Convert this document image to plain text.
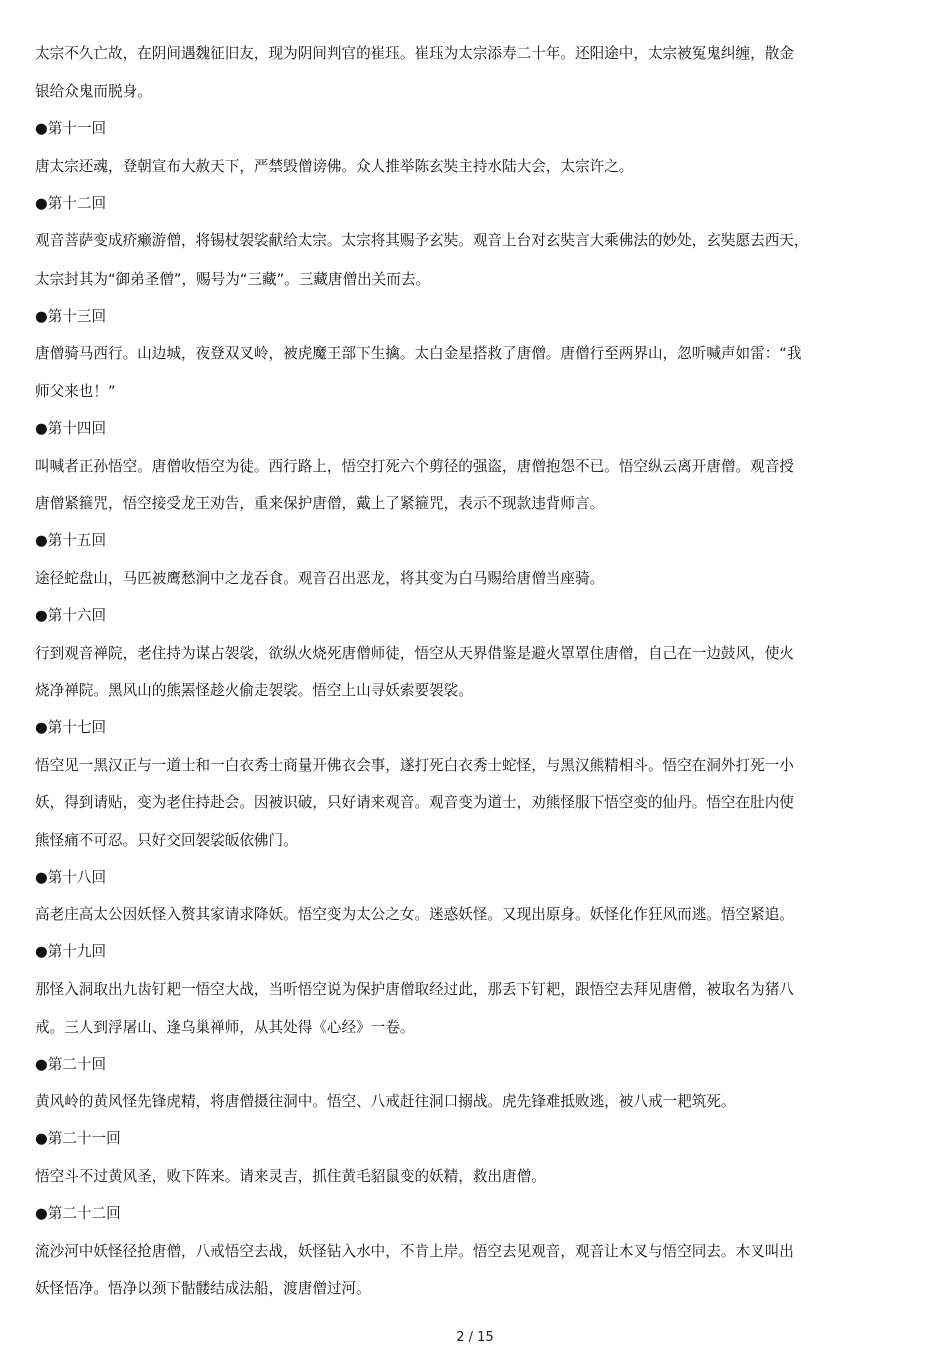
太宗不久亡故，在阴间遇魏征旧友，现为阴间判官的崔珏。崔珏为太宗添寿二十年。还阳途中，太宗被冤鬼纠缠，散金
银给众鬼而脱身。
●第十一回
唐太宗还魂，登朝宣布大赦天下，严禁毁僧谤佛。众人推举陈玄奘主持水陆大会，太宗许之。
●第十二回
观音菩萨变成疥癞游僧，将锡杖袈裟献给太宗。太宗将其赐予玄奘。观音上台对玄奘言大乘佛法的妙处，玄奘愿去西天，
太宗封其为“御弟圣僧”，赐号为“三藏”。三藏唐僧出关而去。
●第十三回
唐僧骑马西行。山边城，夜登双叉岭，被虎魔王部下生擒。太白金星搭救了唐僧。唐僧行至两界山，忽听喊声如雷：“我
师父来也！”
●第十四回
叫喊者正孙悟空。唐僧收悟空为徒。西行路上，悟空打死六个剪径的强盗，唐僧抱怨不已。悟空纵云离开唐僧。观音授
唐僧紧箍咒，悟空接受龙王劝告，重来保护唐僧，戴上了紧箍咒，表示不现款违背师言。
●第十五回
途径蛇盘山，马匹被鹰愁涧中之龙吞食。观音召出恶龙，将其变为白马赐给唐僧当座骑。
●第十六回
行到观音禅院，老住持为谋占袈裟，欲纵火烧死唐僧师徒，悟空从天界借鉴是避火罩罩住唐僧，自己在一边鼓风，使火
烧净禅院。黑风山的熊罴怪趁火偷走袈裟。悟空上山寻妖索要袈裟。
●第十七回
悟空见一黑汉正与一道士和一白衣秀士商量开佛衣会事，遂打死白衣秀士蛇怪，与黑汉熊精相斗。悟空在洞外打死一小
妖，得到请贴，变为老住持赴会。因被识破，只好请来观音。观音变为道士，劝熊怪服下悟空变的仙丹。悟空在肚内使
熊怪痛不可忍。只好交回袈裟皈依佛门。
●第十八回
高老庄高太公因妖怪入赘其家请求降妖。悟空变为太公之女。迷惑妖怪。又现出原身。妖怪化作狂风而逃。悟空紧追。
●第十九回
那怪入洞取出九齿钉耙一悟空大战，当听悟空说为保护唐僧取经过此，那丢下钉耙，跟悟空去拜见唐僧，被取名为猪八
戒。三人到浮屠山、逢乌巢禅师，从其处得《心经》一卷。
●第二十回
黄风岭的黄风怪先锋虎精，将唐僧摄往洞中。悟空、八戒赶往洞口搦战。虎先锋难抵败逃，被八戒一耙筑死。
●第二十一回
悟空斗不过黄风圣，败下阵来。请来灵吉，抓住黄毛貂鼠变的妖精，救出唐僧。
●第二十二回
流沙河中妖怪径抢唐僧，八戒悟空去战，妖怪钻入水中，不肯上岸。悟空去见观音，观音让木叉与悟空同去。木叉叫出
妖怪悟净。悟净以颈下骷髅结成法船，渡唐僧过河。
2 / 15
